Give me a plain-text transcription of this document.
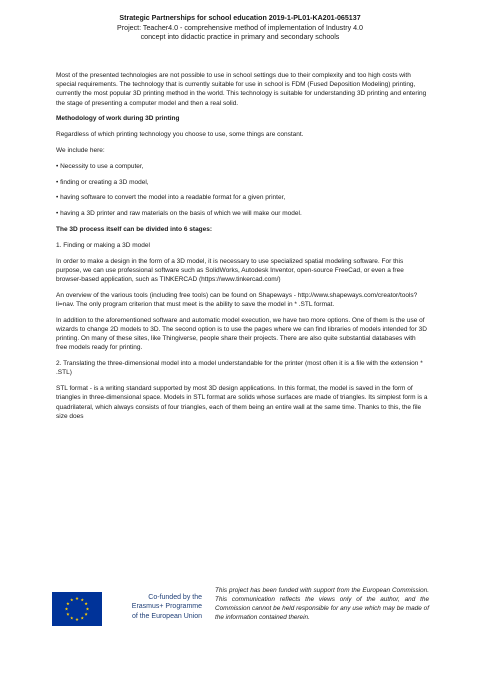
Strategic Partnerships for school education 2019-1-PL01-KA201-065137
Project: Teacher4.0 - comprehensive method of implementation of Industry 4.0
concept into didactic practice in primary and secondary schools

Most of the presented technologies are not possible to use in school settings due to their complexity and too high costs with special requirements. The technology that is currently suitable for use in school is FDM (Fused Deposition Modeling) printing, currently the most popular 3D printing method in the world. This technology is suitable for understanding 3D printing and entering the stage of presenting a computer model and then a real solid.

Methodology of work during 3D printing

Regardless of which printing technology you choose to use, some things are constant.

We include here:

• Necessity to use a computer,

• finding or creating a 3D model,

• having software to convert the model into a readable format for a given printer,

• having a 3D printer and raw materials on the basis of which we will make our model.

The 3D process itself can be divided into 6 stages:

1. Finding or making a 3D model

In order to make a design in the form of a 3D model, it is necessary to use specialized spatial modeling software. For this purpose, we can use professional software such as SolidWorks, Autodesk Inventor, open-source FreeCad, or even a free browser-based application, such as TINKERCAD (https://www.tinkercad.com/)

An overview of the various tools (including free tools) can be found on Shapeways - http://www.shapeways.com/creator/tools?li=nav. The only program criterion that must meet is the ability to save the model in * .STL format.

In addition to the aforementioned software and automatic model execution, we have two more options. One of them is the use of wizards to change 2D models to 3D. The second option is to use the pages where we can find libraries of models intended for 3D printing. On many of these sites, like Thingiverse, people share their projects. There are also quite substantial databases with free models ready for printing.

2. Translating the three-dimensional model into a model understandable for the printer (most often it is a file with the extension * .STL)

STL format - is a writing standard supported by most 3D design applications. In this format, the model is saved in the form of triangles in three-dimensional space. Models in STL format are solids whose surfaces are made of triangles. Its simplest form is a quadrilateral, which always consists of four triangles, each of them being an entire wall at the same time. Thanks to this, the file size does

Co-funded by the
Erasmus+ Programme
of the European Union
This project has been funded with support from the European Commission. This communication reflects the views only of the author, and the Commission cannot be held responsible for any use which may be made of the information contained therein.
